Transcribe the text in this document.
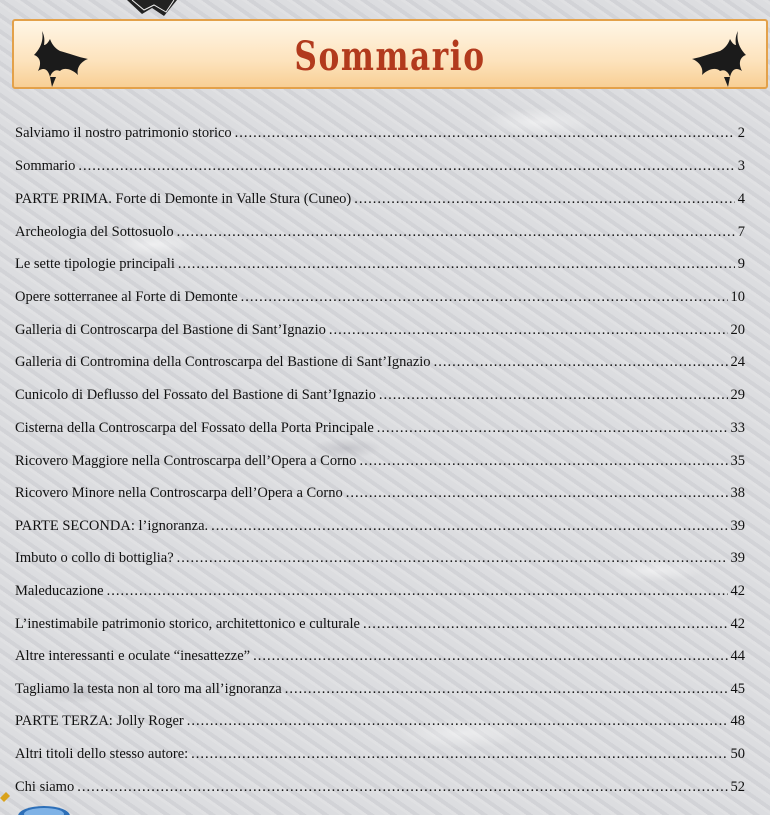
Sommario
Salviamo il nostro patrimonio storico .....	2
Sommario .....	3
PARTE PRIMA. Forte di Demonte in Valle Stura (Cuneo) .....	4
Archeologia del Sottosuolo .....	7
Le sette tipologie principali .....	9
Opere sotterranee al Forte di Demonte .....	10
Galleria di Controscarpa del Bastione di Sant’Ignazio .....	20
Galleria di Contromina della Controscarpa del Bastione di Sant’Ignazio .....	24
Cunicolo di Deflusso del Fossato del Bastione di Sant’Ignazio .....	29
Cisterna della Controscarpa del Fossato della Porta Principale .....	33
Ricovero Maggiore nella Controscarpa dell’Opera a Corno .....	35
Ricovero Minore nella Controscarpa dell’Opera a Corno .....	38
PARTE SECONDA: l’ignoranza. .....	39
Imbuto o collo di bottiglia? .....	39
Maleducazione .....	42
L’inestimabile patrimonio storico, architettonico e culturale .....	42
Altre interessanti e oculate “inesattezze” .....	44
Tagliamo la testa non al toro ma all’ignoranza .....	45
PARTE TERZA: Jolly Roger .....	48
Altri titoli dello stesso autore: .....	50
Chi siamo .....	52
